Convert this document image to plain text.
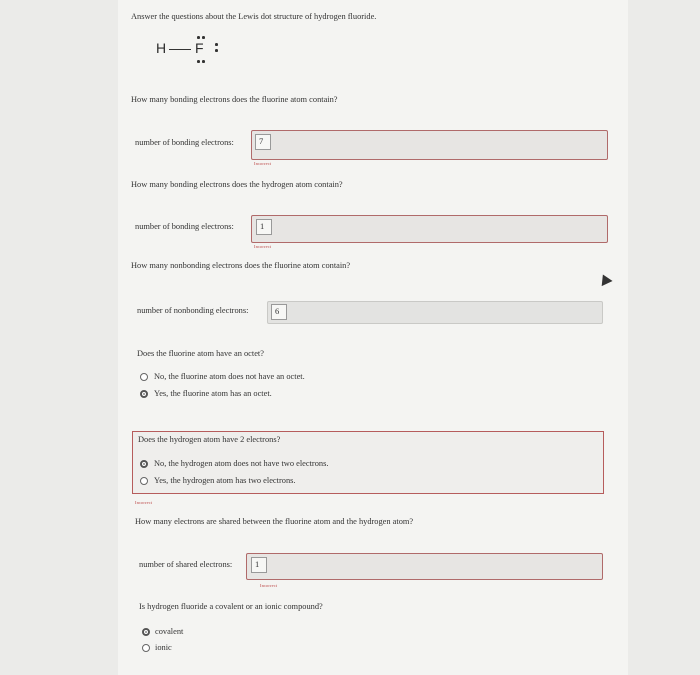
Answer the questions about the Lewis dot structure of hydrogen fluoride.
H F
How many bonding electrons does the fluorine atom contain?
number of bonding electrons:	7
Incorrect
How many bonding electrons does the hydrogen atom contain?
number of bonding electrons:	1
Incorrect
How many nonbonding electrons does the fluorine atom contain?
number of nonbonding electrons:	6
Does the fluorine atom have an octet?
No, the fluorine atom does not have an octet.
Yes, the fluorine atom has an octet.
Does the hydrogen atom have 2 electrons?
No, the hydrogen atom does not have two electrons.
Yes, the hydrogen atom has two electrons.
Incorrect
How many electrons are shared between the fluorine atom and the hydrogen atom?
number of shared electrons:	1
Incorrect
Is hydrogen fluoride a covalent or an ionic compound?
covalent
ionic
